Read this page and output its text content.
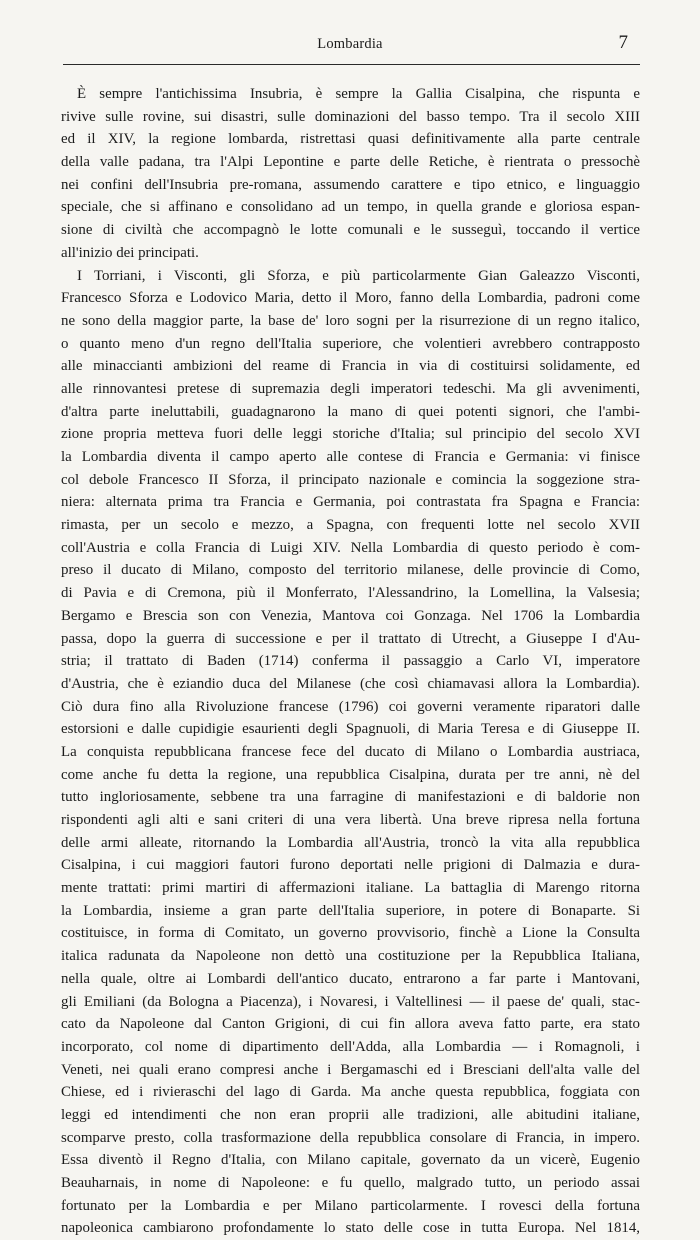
Lombardia	7
È sempre l'antichissima Insubria, è sempre la Gallia Cisalpina, che rispunta e
rivive sulle rovine, sui disastri, sulle dominazioni del basso tempo. Tra il secolo XIII
ed il XIV, la regione lombarda, ristrettasi quasi definitivamente alla parte centrale
della valle padana, tra l'Alpi Lepontine e parte delle Retiche, è rientrata o pressochè
nei confini dell'Insubria pre-romana, assumendo carattere e tipo etnico, e linguaggio
speciale, che si affinano e consolidano ad un tempo, in quella grande e gloriosa espan-
sione di civiltà che accompagnò le lotte comunali e le susseguì, toccando il vertice
all'inizio dei principati.
I Torriani, i Visconti, gli Sforza, e più particolarmente Gian Galeazzo Visconti,
Francesco Sforza e Lodovico Maria, detto il Moro, fanno della Lombardia, padroni come
ne sono della maggior parte, la base de' loro sogni per la risurrezione di un regno italico,
o quanto meno d'un regno dell'Italia superiore, che volentieri avrebbero contrapposto
alle minaccianti ambizioni del reame di Francia in via di costituirsi solidamente, ed
alle rinnovantesi pretese di supremazia degli imperatori tedeschi. Ma gli avvenimenti,
d'altra parte ineluttabili, guadagnarono la mano di quei potenti signori, che l'ambi-
zione propria metteva fuori delle leggi storiche d'Italia; sul principio del secolo XVI
la Lombardia diventa il campo aperto alle contese di Francia e Germania: vi finisce
col debole Francesco II Sforza, il principato nazionale e comincia la soggezione stra-
niera: alternata prima tra Francia e Germania, poi contrastata fra Spagna e Francia:
rimasta, per un secolo e mezzo, a Spagna, con frequenti lotte nel secolo XVII
coll'Austria e colla Francia di Luigi XIV. Nella Lombardia di questo periodo è com-
preso il ducato di Milano, composto del territorio milanese, delle provincie di Como,
di Pavia e di Cremona, più il Monferrato, l'Alessandrino, la Lomellina, la Valsesia;
Bergamo e Brescia son con Venezia, Mantova coi Gonzaga. Nel 1706 la Lombardia
passa, dopo la guerra di successione e per il trattato di Utrecht, a Giuseppe I d'Au-
stria; il trattato di Baden (1714) conferma il passaggio a Carlo VI, imperatore
d'Austria, che è eziandio duca del Milanese (che così chiamavasi allora la Lombardia).
Ciò dura fino alla Rivoluzione francese (1796) coi governi veramente riparatori dalle
estorsioni e dalle cupidigie esaurienti degli Spagnuoli, di Maria Teresa e di Giuseppe II.
La conquista repubblicana francese fece del ducato di Milano o Lombardia austriaca,
come anche fu detta la regione, una repubblica Cisalpina, durata per tre anni, nè del
tutto ingloriosamente, sebbene tra una farragine di manifestazioni e di baldorie non
rispondenti agli alti e sani criteri di una vera libertà. Una breve ripresa nella fortuna
delle armi alleate, ritornando la Lombardia all'Austria, troncò la vita alla repubblica
Cisalpina, i cui maggiori fautori furono deportati nelle prigioni di Dalmazia e dura-
mente trattati: primi martiri di affermazioni italiane. La battaglia di Marengo ritorna
la Lombardia, insieme a gran parte dell'Italia superiore, in potere di Bonaparte. Si
costituisce, in forma di Comitato, un governo provvisorio, finchè a Lione la Consulta
italica radunata da Napoleone non dettò una costituzione per la Repubblica Italiana,
nella quale, oltre ai Lombardi dell'antico ducato, entrarono a far parte i Mantovani,
gli Emiliani (da Bologna a Piacenza), i Novaresi, i Valtellinesi — il paese de' quali, stac-
cato da Napoleone dal Canton Grigioni, di cui fin allora aveva fatto parte, era stato
incorporato, col nome di dipartimento dell'Adda, alla Lombardia — i Romagnoli, i
Veneti, nei quali erano compresi anche i Bergamaschi ed i Bresciani dell'alta valle del
Chiese, ed i rivieraschi del lago di Garda. Ma anche questa repubblica, foggiata con
leggi ed intendimenti che non eran proprii alle tradizioni, alle abitudini italiane,
scomparve presto, colla trasformazione della repubblica consolare di Francia, in impero.
Essa diventò il Regno d'Italia, con Milano capitale, governato da un vicerè, Eugenio
Beauharnais, in nome di Napoleone: e fu quello, malgrado tutto, un periodo assai
fortunato per la Lombardia e per Milano particolarmente. I rovesci della fortuna
napoleonica cambiarono profondamente lo stato delle cose in tutta Europa. Nel 1814,
